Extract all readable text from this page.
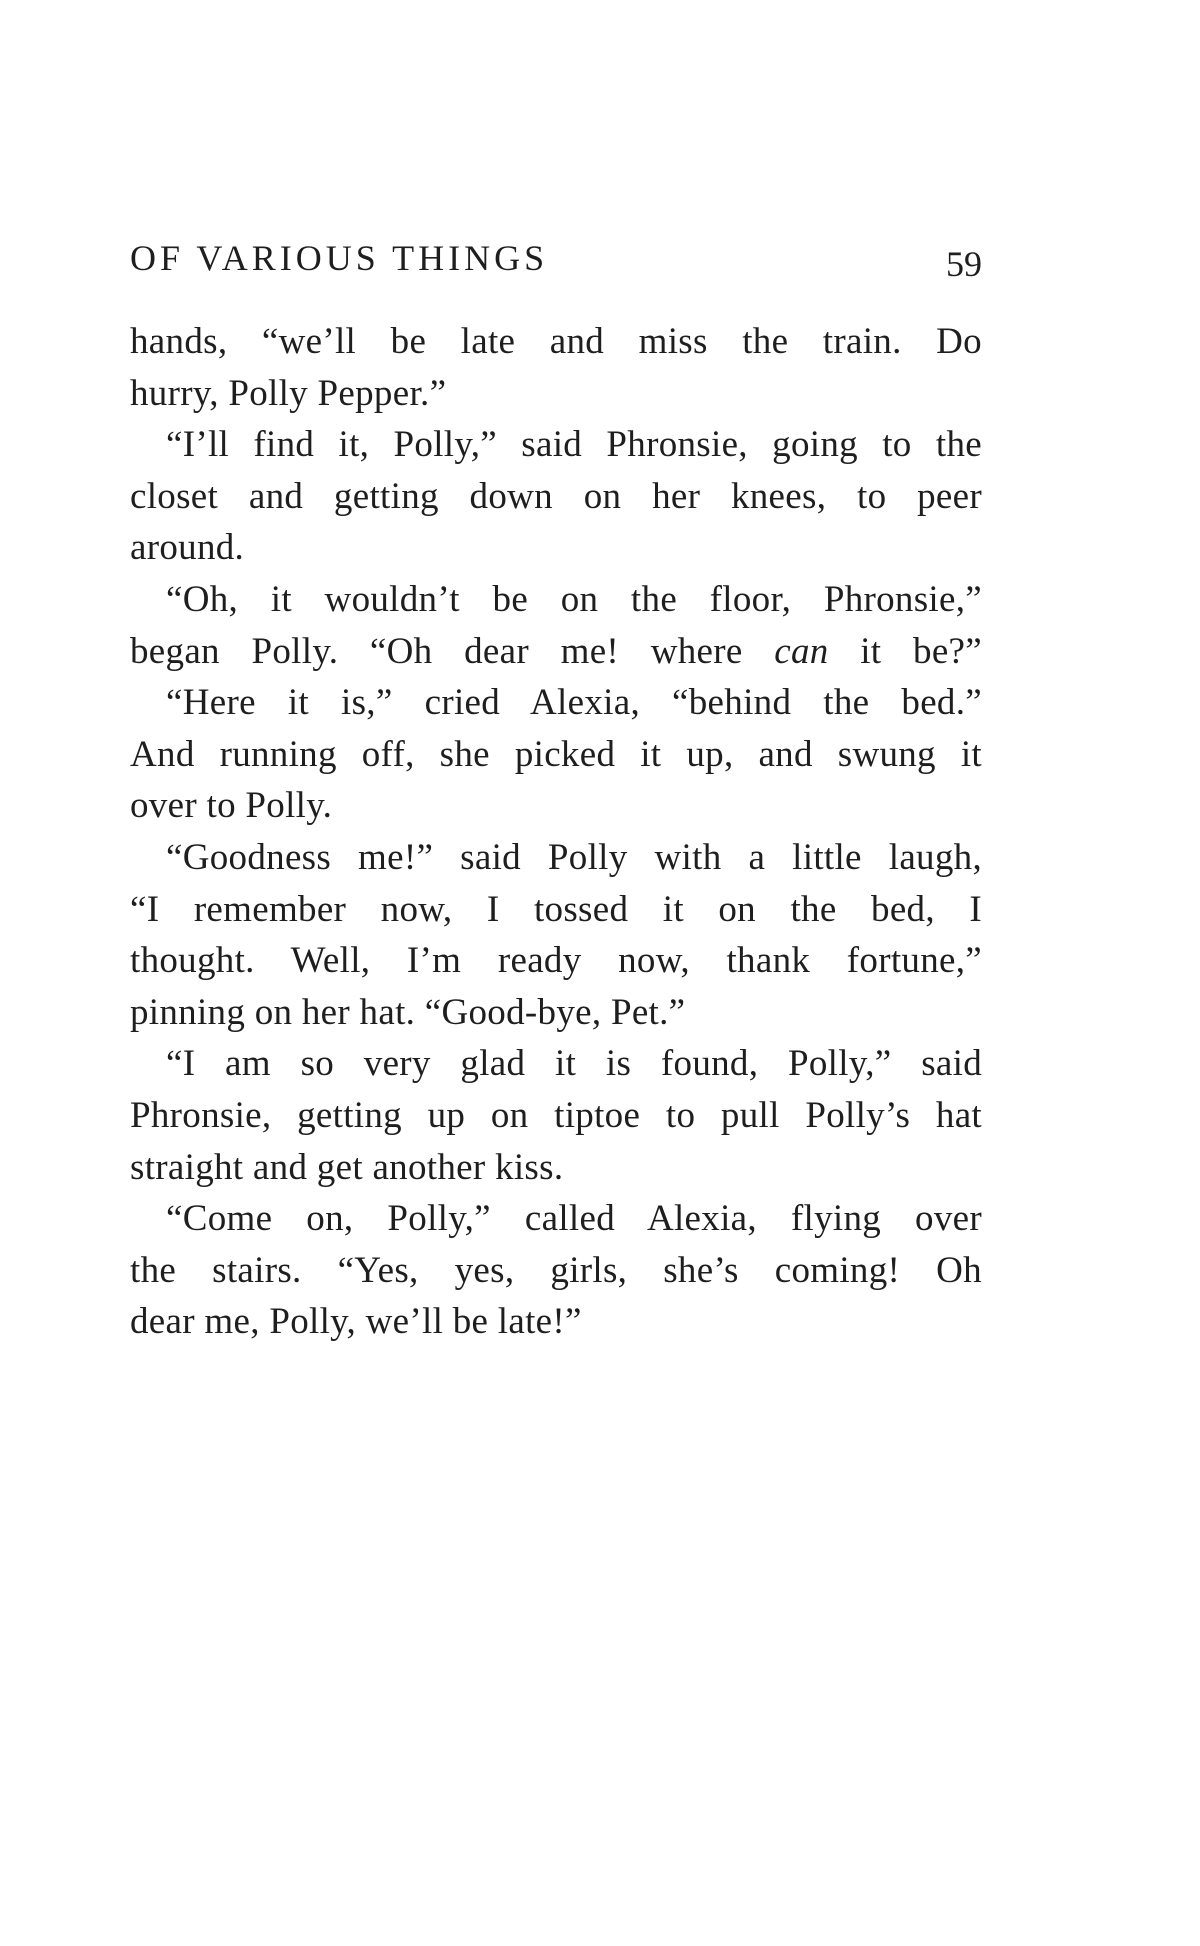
OF VARIOUS THINGS	59
hands, “we’ll be late and miss the train. Do
hurry, Polly Pepper.”
“I’ll find it, Polly,” said Phronsie, going to the
closet and getting down on her knees, to peer
around.
“Oh, it wouldn’t be on the floor, Phronsie,”
began Polly. “Oh dear me! where can it be?”
“Here it is,” cried Alexia, “behind the bed.”
And running off, she picked it up, and swung it
over to Polly.
“Goodness me!” said Polly with a little laugh,
“I remember now, I tossed it on the bed, I
thought. Well, I’m ready now, thank fortune,”
pinning on her hat. “Good-bye, Pet.”
“I am so very glad it is found, Polly,” said
Phronsie, getting up on tiptoe to pull Polly’s hat
straight and get another kiss.
“Come on, Polly,” called Alexia, flying over
the stairs. “Yes, yes, girls, she’s coming! Oh
dear me, Polly, we’ll be late!”
